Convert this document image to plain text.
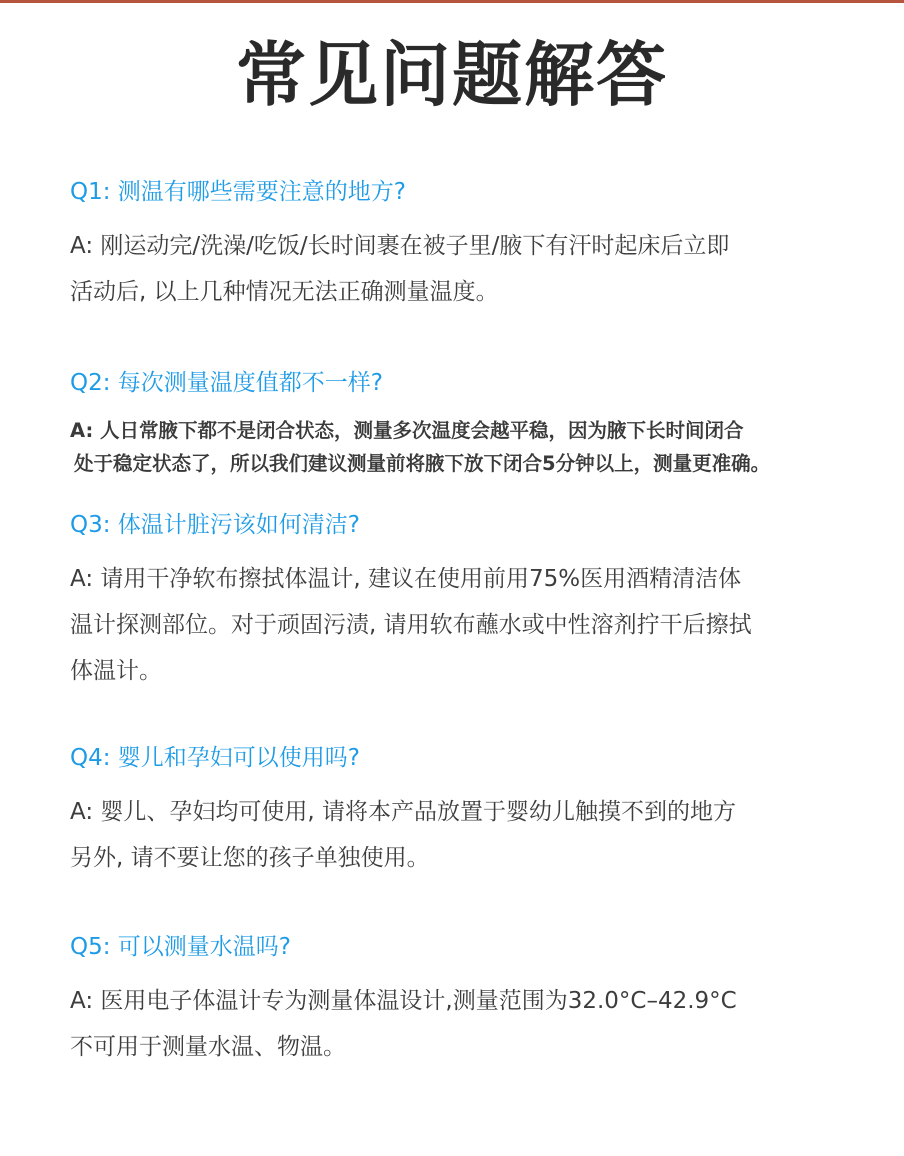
常见问题解答
Q1: 测温有哪些需要注意的地方?
A: 刚运动完/洗澡/吃饭/长时间裹在被子里/腋下有汗时起床后立即
活动后, 以上几种情况无法正确测量温度。
Q2: 每次测量温度值都不一样?
A: 人日常腋下都不是闭合状态，测量多次温度会越平稳，因为腋下长时间闭合
处于稳定状态了，所以我们建议测量前将腋下放下闭合5分钟以上，测量更准确。
Q3: 体温计脏污该如何清洁?
A: 请用干净软布擦拭体温计, 建议在使用前用75%医用酒精清洁体
温计探测部位。对于顽固污渍, 请用软布蘸水或中性溶剂拧干后擦拭
体温计。
Q4: 婴儿和孕妇可以使用吗?
A: 婴儿、孕妇均可使用, 请将本产品放置于婴幼儿触摸不到的地方
另外, 请不要让您的孩子单独使用。
Q5: 可以测量水温吗?
A: 医用电子体温计专为测量体温设计,测量范围为32.0°C–42.9°C
不可用于测量水温、物温。
